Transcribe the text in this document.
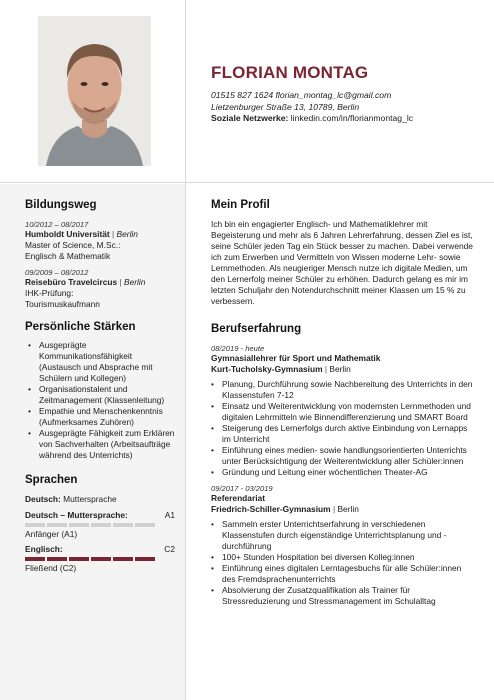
FLORIAN MONTAG
01515 827 1624 florian_montag_lc@gmail.com
Lietzenburger Straße 13, 10789, Berlin
Soziale Netzwerke: linkedin.com/in/florianmontag_lc
Bildungsweg
10/2012 – 08/2017
Humboldt Universität | Berlin
Master of Science, M.Sc.:
Englisch & Mathematik
09/2009 – 08/2012
Reisebüro Travelcircus | Berlin
IHK-Prüfung:
Tourismuskaufmann
Persönliche Stärken
• Ausgeprägte Kommunikationsfähigkeit (Austausch und Absprache mit Schülern und Kollegen)
• Organisationstalent und Zeitmanagement (Klassenleitung)
• Empathie und Menschenkenntnis (Aufmerksames Zuhören)
• Ausgeprägte Fähigkeit zum Erklären von Sachverhalten (Arbeitsaufträge während des Unterrichts)
Sprachen
Deutsch: Muttersprache
Deutsch – Muttersprache:	A1
Anfänger (A1)
Englisch:	C2
Fließend (C2)
Mein Profil
Ich bin ein engagierter Englisch- und Mathematiklehrer mit Begeisterung und mehr als 6 Jahren Lehrerfahrung, dessen Ziel es ist, seine Schüler jeden Tag ein Stück besser zu machen. Dabei verwende ich zum Erwerben und Vermitteln von Wissen moderne Lehr- sowie Lernmethoden. Als neugieriger Mensch nutze ich digitale Medien, um den Lernerfolg meiner Schüler zu erhöhen. Dadurch gelang es mir im letzten Schuljahr den Notendurchschnitt meiner Klassen um 15 % zu verbessern.
Berufserfahrung
08/2019 - heute
Gymnasiallehrer für Sport und Mathematik
Kurt-Tucholsky-Gymnasium | Berlin
• Planung, Durchführung sowie Nachbereitung des Unterrichts in den Klassenstufen 7-12
• Einsatz und Weiterentwicklung von modernsten Lernmethoden und digitalen Lehrmitteln wie Binnendifferenzierung und SMART Board
• Steigerung des Lernerfolgs durch aktive Einbindung von Lernapps im Unterricht
• Einführung eines medien- sowie handlungsorientierten Unterrichts unter Berücksichtigung der Weiterentwicklung aller Schüler:innen
• Gründung und Leitung einer wöchentlichen Theater-AG
09/2017 - 03/2019
Referendariat
Friedrich-Schiller-Gymnasium | Berlin
• Sammeln erster Unterrichtserfahrung in verschiedenen Klassenstufen durch eigenständige Unterrichtsplanung und -durchführung
• 100+ Stunden Hospitation bei diversen Kolleg:innen
• Einführung eines digitalen Lerntagesbuchs für alle Schüler:innen des Fremdsprachenunterrichts
• Absolvierung der Zusatzqualifikation als Trainer für Stressreduzierung und Stressmanagement im Schulalltag
